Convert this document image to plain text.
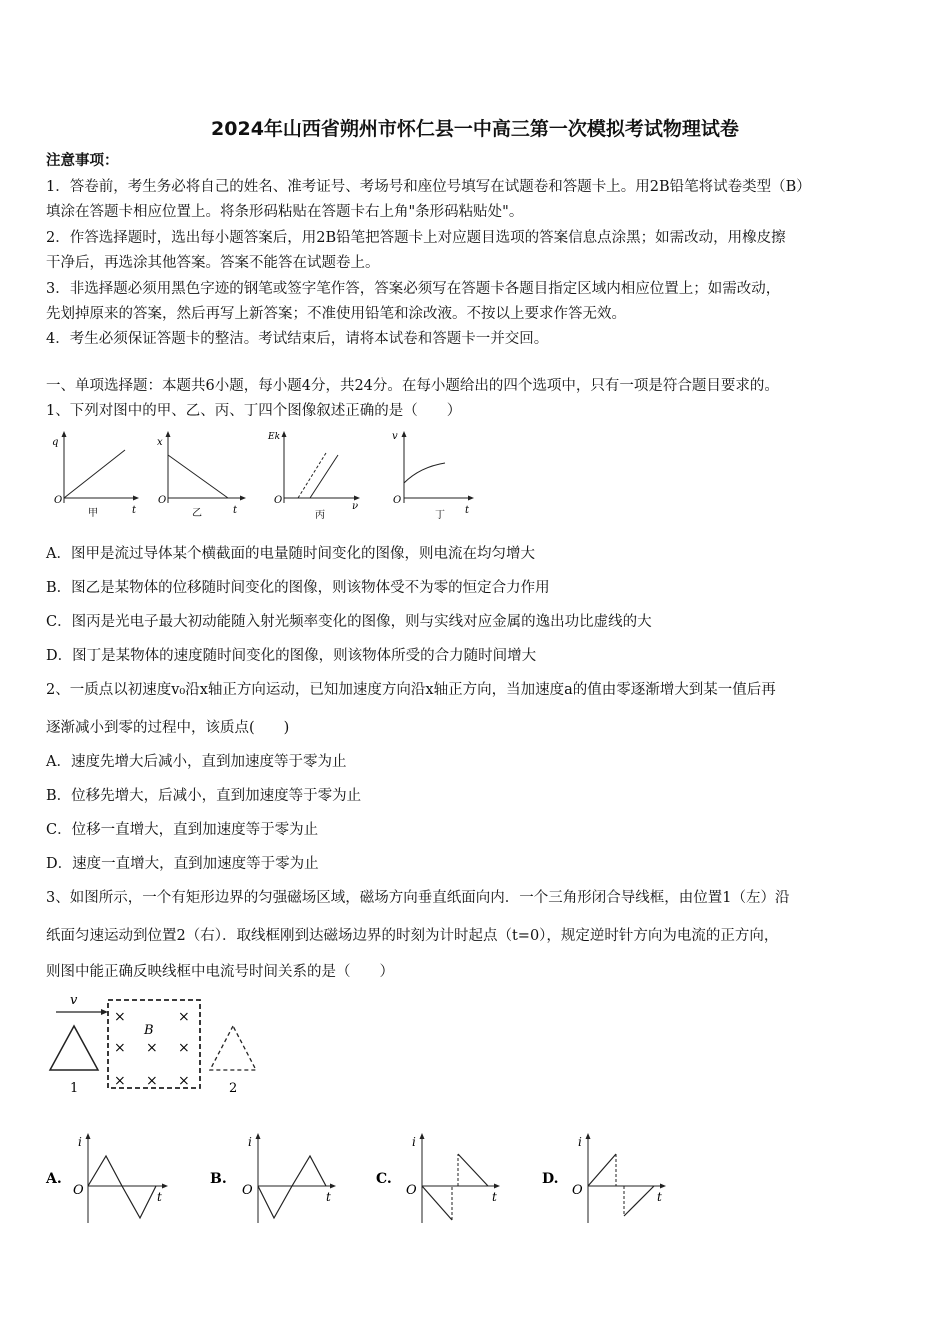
2024年山西省朔州市怀仁县一中高三第一次模拟考试物理试卷
注意事项：
1．答卷前，考生务必将自己的姓名、准考证号、考场号和座位号填写在试题卷和答题卡上。用2B铅笔将试卷类型（B）
填涂在答题卡相应位置上。将条形码粘贴在答题卡右上角"条形码粘贴处"。
2．作答选择题时，选出每小题答案后，用2B铅笔把答题卡上对应题目选项的答案信息点涂黑；如需改动，用橡皮擦
干净后，再选涂其他答案。答案不能答在试题卷上。
3．非选择题必须用黑色字迹的钢笔或签字笔作答，答案必须写在答题卡各题目指定区域内相应位置上；如需改动，
先划掉原来的答案，然后再写上新答案；不准使用铅笔和涂改液。不按以上要求作答无效。
4．考生必须保证答题卡的整洁。考试结束后，请将本试卷和答题卡一并交回。
一、单项选择题：本题共6小题，每小题4分，共24分。在每小题给出的四个选项中，只有一项是符合题目要求的。
1、下列对图中的甲、乙、丙、丁四个图像叙述正确的是（　　）
q
O
t
甲
x
O
t
乙
Ek
O
ν
丙
v
O
t
丁
A．图甲是流过导体某个横截面的电量随时间变化的图像，则电流在均匀增大
B．图乙是某物体的位移随时间变化的图像，则该物体受不为零的恒定合力作用
C．图丙是光电子最大初动能随入射光频率变化的图像，则与实线对应金属的逸出功比虚线的大
D．图丁是某物体的速度随时间变化的图像，则该物体所受的合力随时间增大
2、一质点以初速度v₀沿x轴正方向运动，已知加速度方向沿x轴正方向，当加速度a的值由零逐渐增大到某一值后再
逐渐减小到零的过程中，该质点(　　)
A．速度先增大后减小，直到加速度等于零为止
B．位移先增大，后减小，直到加速度等于零为止
C．位移一直增大，直到加速度等于零为止
D．速度一直增大，直到加速度等于零为止
3、如图所示，一个有矩形边界的匀强磁场区域，磁场方向垂直纸面向内．一个三角形闭合导线框，由位置1（左）沿
纸面匀速运动到位置2（右）．取线框刚到达磁场边界的时刻为计时起点（t=0），规定逆时针方向为电流的正方向，
则图中能正确反映线框中电流号时间关系的是（　　）
v
1
×	×
× × ×
× × ×
B
2
A.
i
O	t
B.
i
O	t
C.
i
O	t
D.
i
O	t
